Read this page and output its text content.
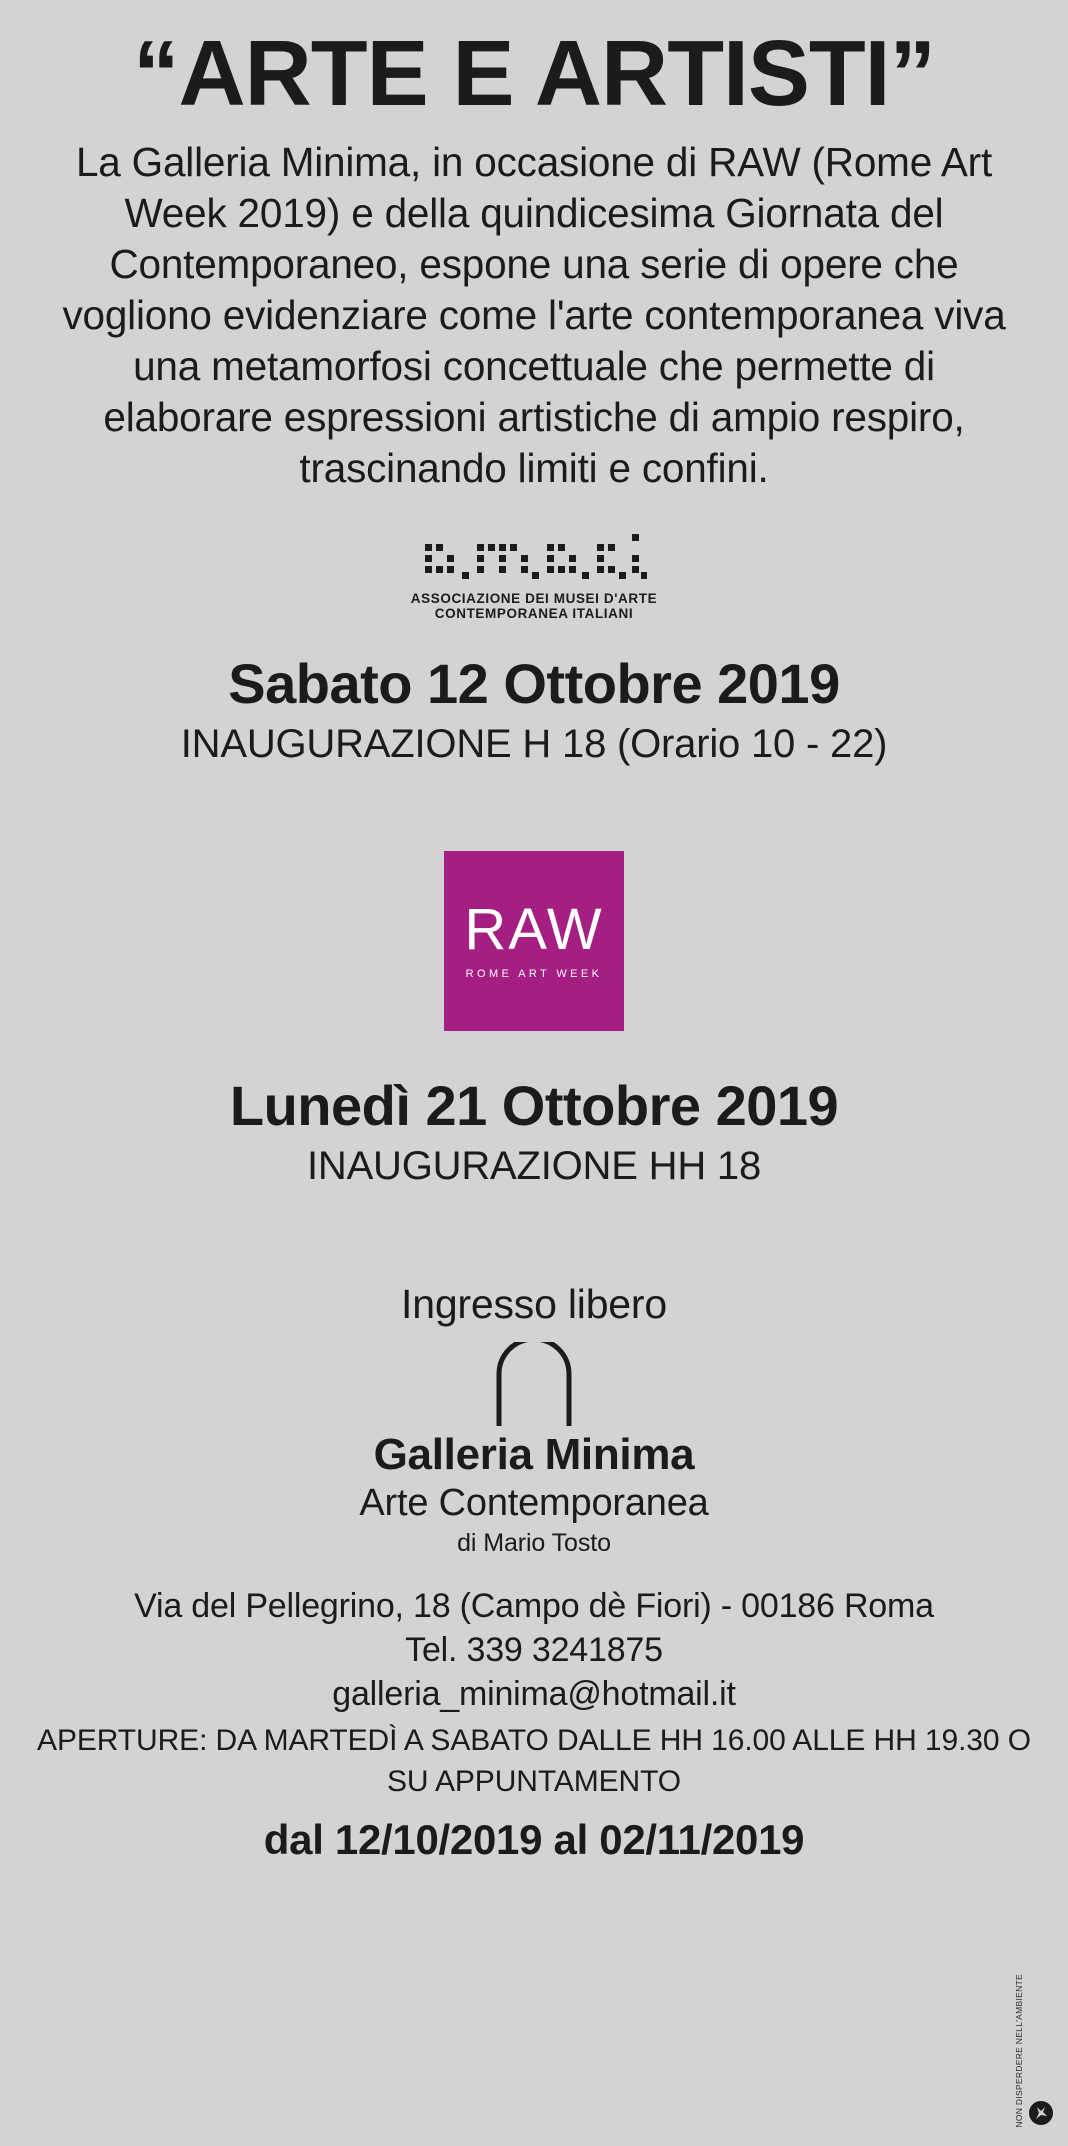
“ARTE E ARTISTI”
La Galleria Minima, in occasione di RAW (Rome Art Week 2019) e della quindicesima Giornata del Contemporaneo, espone una serie di opere che vogliono evidenziare come l'arte contemporanea viva una metamorfosi concettuale che permette di elaborare espressioni artistiche di ampio respiro, trascinando limiti e confini.
ASSOCIAZIONE DEI MUSEI D'ARTE
CONTEMPORANEA ITALIANI
Sabato 12 Ottobre 2019
INAUGURAZIONE H 18 (Orario 10 - 22)
RAW
ROME ART WEEK
Lunedì 21 Ottobre 2019
INAUGURAZIONE HH 18
Ingresso libero
Galleria Minima
Arte Contemporanea
di Mario Tosto
Via del Pellegrino, 18 (Campo dè Fiori) - 00186 Roma
Tel. 339 3241875
galleria_minima@hotmail.it
APERTURE: DA MARTEDÌ A SABATO DALLE HH 16.00 ALLE HH 19.30 O SU APPUNTAMENTO
dal 12/10/2019 al 02/11/2019
NON DISPERDERE NELL'AMBIENTE
